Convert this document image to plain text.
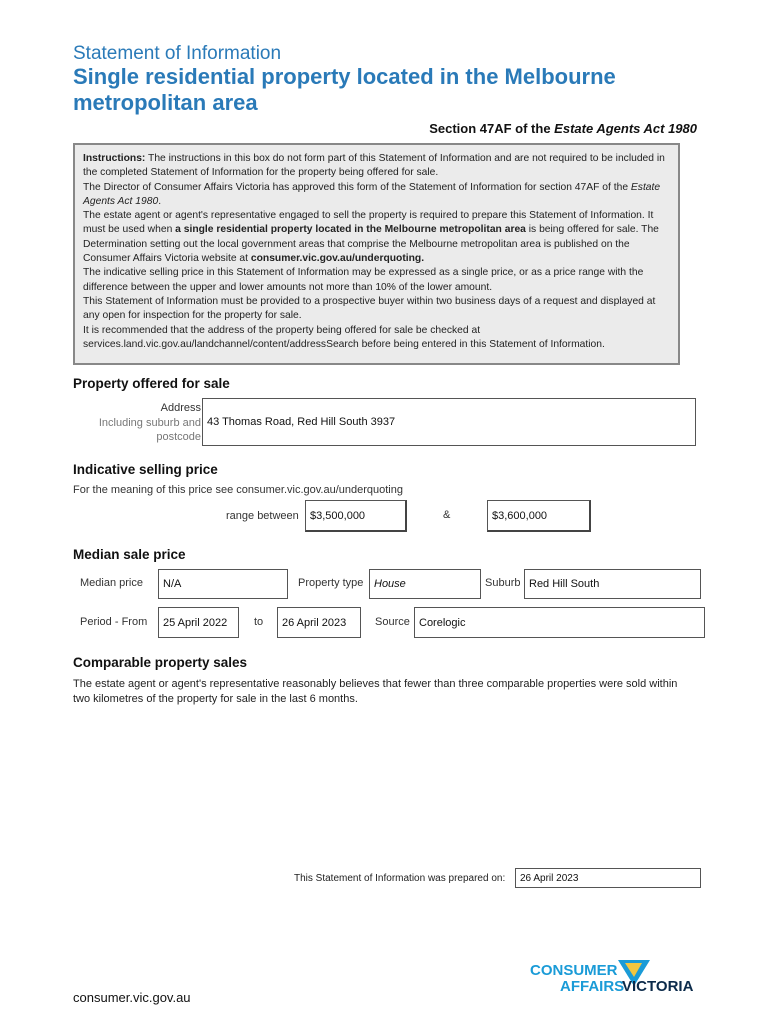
Statement of Information
Single residential property located in the Melbourne metropolitan area
Section 47AF of the Estate Agents Act 1980

Instructions: The instructions in this box do not form part of this Statement of Information and are not required to be included in the completed Statement of Information for the property being offered for sale.

The Director of Consumer Affairs Victoria has approved this form of the Statement of Information for section 47AF of the Estate Agents Act 1980.

The estate agent or agent's representative engaged to sell the property is required to prepare this Statement of Information. It must be used when a single residential property located in the Melbourne metropolitan area is being offered for sale. The Determination setting out the local government areas that comprise the Melbourne metropolitan area is published on the Consumer Affairs Victoria website at consumer.vic.gov.au/underquoting.

The indicative selling price in this Statement of Information may be expressed as a single price, or as a price range with the difference between the upper and lower amounts not more than 10% of the lower amount.

This Statement of Information must be provided to a prospective buyer within two business days of a request and displayed at any open for inspection for the property for sale.

It is recommended that the address of the property being offered for sale be checked at services.land.vic.gov.au/landchannel/content/addressSearch before being entered in this Statement of Information.

Property offered for sale
Address
Including suburb and
postcode
43 Thomas Road, Red Hill South 3937
Indicative selling price
For the meaning of this price see consumer.vic.gov.au/underquoting
range between	$3,500,000	&	$3,600,000
Median sale price
Median price	N/A	Property type House	Suburb Red Hill South
Period - From	25 April 2022	to	26 April 2023	Source Corelogic
Comparable property sales
The estate agent or agent's representative reasonably believes that fewer than three comparable properties were sold within two kilometres of the property for sale in the last 6 months.
This Statement of Information was prepared on:	26 April 2023
CONSUMER
AFFAIRS
VICTORIA
consumer.vic.gov.au
